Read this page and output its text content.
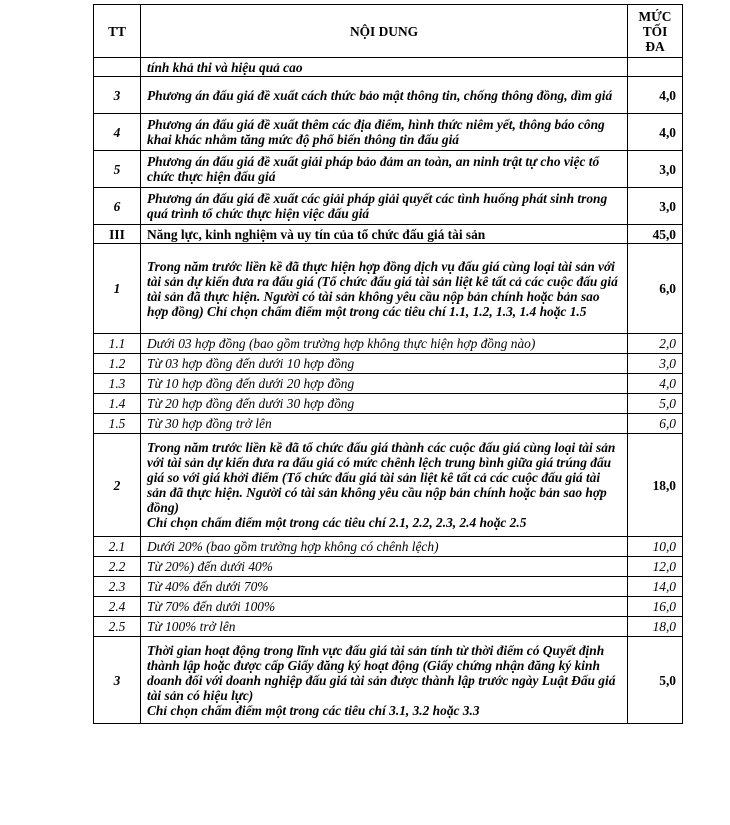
TT	NỘI DUNG	MỨC
TỐI ĐA

	tính khả thi và hiệu quả cao	
3	Phương án đấu giá đề xuất cách thức bảo mật thông tin, chống thông đồng, dìm giá	4,0
4	Phương án đấu giá đề xuất thêm các địa điểm, hình thức niêm yết, thông báo công khai khác nhằm tăng mức độ phổ biến thông tin đấu giá	4,0
5	Phương án đấu giá đề xuất giải pháp bảo đảm an toàn, an ninh trật tự cho việc tổ chức thực hiện đấu giá	3,0
6	Phương án đấu giá đề xuất các giải pháp giải quyết các tình huống phát sinh trong quá trình tổ chức thực hiện việc đấu giá	3,0
III	Năng lực, kinh nghiệm và uy tín của tổ chức đấu giá tài sản	45,0
1	Trong năm trước liền kề đã thực hiện hợp đồng dịch vụ đấu giá cùng loại tài sản với tài sản dự kiến đưa ra đấu giá (Tổ chức đấu giá tài sản liệt kê tất cả các cuộc đấu giá tài sản đã thực hiện. Người có tài sản không yêu cầu nộp bản chính hoặc bản sao hợp đồng) Chỉ chọn chấm điểm một trong các tiêu chí 1.1, 1.2, 1.3, 1.4 hoặc 1.5	6,0
1.1	Dưới 03 hợp đồng (bao gồm trường hợp không thực hiện hợp đồng nào)	2,0
1.2	Từ 03 hợp đồng đến dưới 10 hợp đồng	3,0
1.3	Từ 10 hợp đồng đến dưới 20 hợp đồng	4,0
1.4	Từ 20 hợp đồng đến dưới 30 hợp đồng	5,0
1.5	Từ 30 hợp đồng trở lên	6,0
2	Trong năm trước liền kề đã tổ chức đấu giá thành các cuộc đấu giá cùng loại tài sản với tài sản dự kiến đưa ra đấu giá có mức chênh lệch trung bình giữa giá trúng đấu giá so với giá khởi điểm (Tổ chức đấu giá tài sản liệt kê tất cả các cuộc đấu giá tài sản đã thực hiện. Người có tài sản không yêu cầu nộp bản chính hoặc bản sao hợp đồng)
Chỉ chọn chấm điểm một trong các tiêu chí 2.1, 2.2, 2.3, 2.4 hoặc 2.5	18,0
2.1	Dưới 20% (bao gồm trường hợp không có chênh lệch)	10,0
2.2	Từ 20%) đến dưới 40%	12,0
2.3	Từ 40% đến dưới 70%	14,0
2.4	Từ 70% đến dưới 100%	16,0
2.5	Từ 100% trở lên	18,0
3	Thời gian hoạt động trong lĩnh vực đấu giá tài sản tính từ thời điểm có Quyết định thành lập hoặc được cấp Giấy đăng ký hoạt động (Giấy chứng nhận đăng ký kinh doanh đối với doanh nghiệp đấu giá tài sản được thành lập trước ngày Luật Đấu giá tài sản có hiệu lực)
Chỉ chọn chấm điểm một trong các tiêu chí 3.1, 3.2 hoặc 3.3	5,0
